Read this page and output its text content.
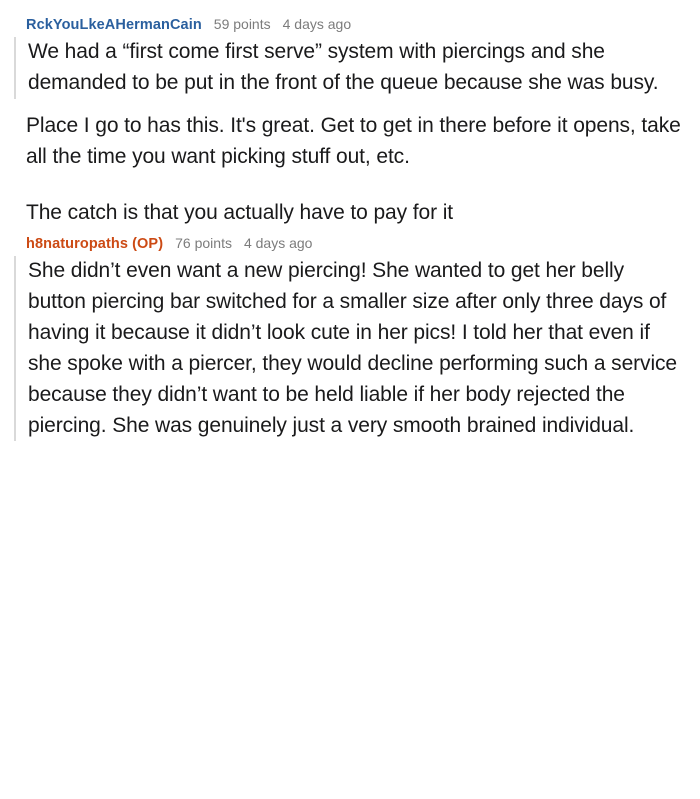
RckYouLkeAHermanCain 59 points 4 days ago

We had a “first come first serve” system with piercings and she demanded to be put in the front of the queue because she was busy.

Place I go to has this. It's great. Get to get in there before it opens, take all the time you want picking stuff out, etc.

The catch is that you actually have to pay for it

h8naturopaths (OP) 76 points 4 days ago

She didn’t even want a new piercing! She wanted to get her belly button piercing bar switched for a smaller size after only three days of having it because it didn’t look cute in her pics! I told her that even if she spoke with a piercer, they would decline performing such a service because they didn’t want to be held liable if her body rejected the piercing. She was genuinely just a very smooth brained individual.
